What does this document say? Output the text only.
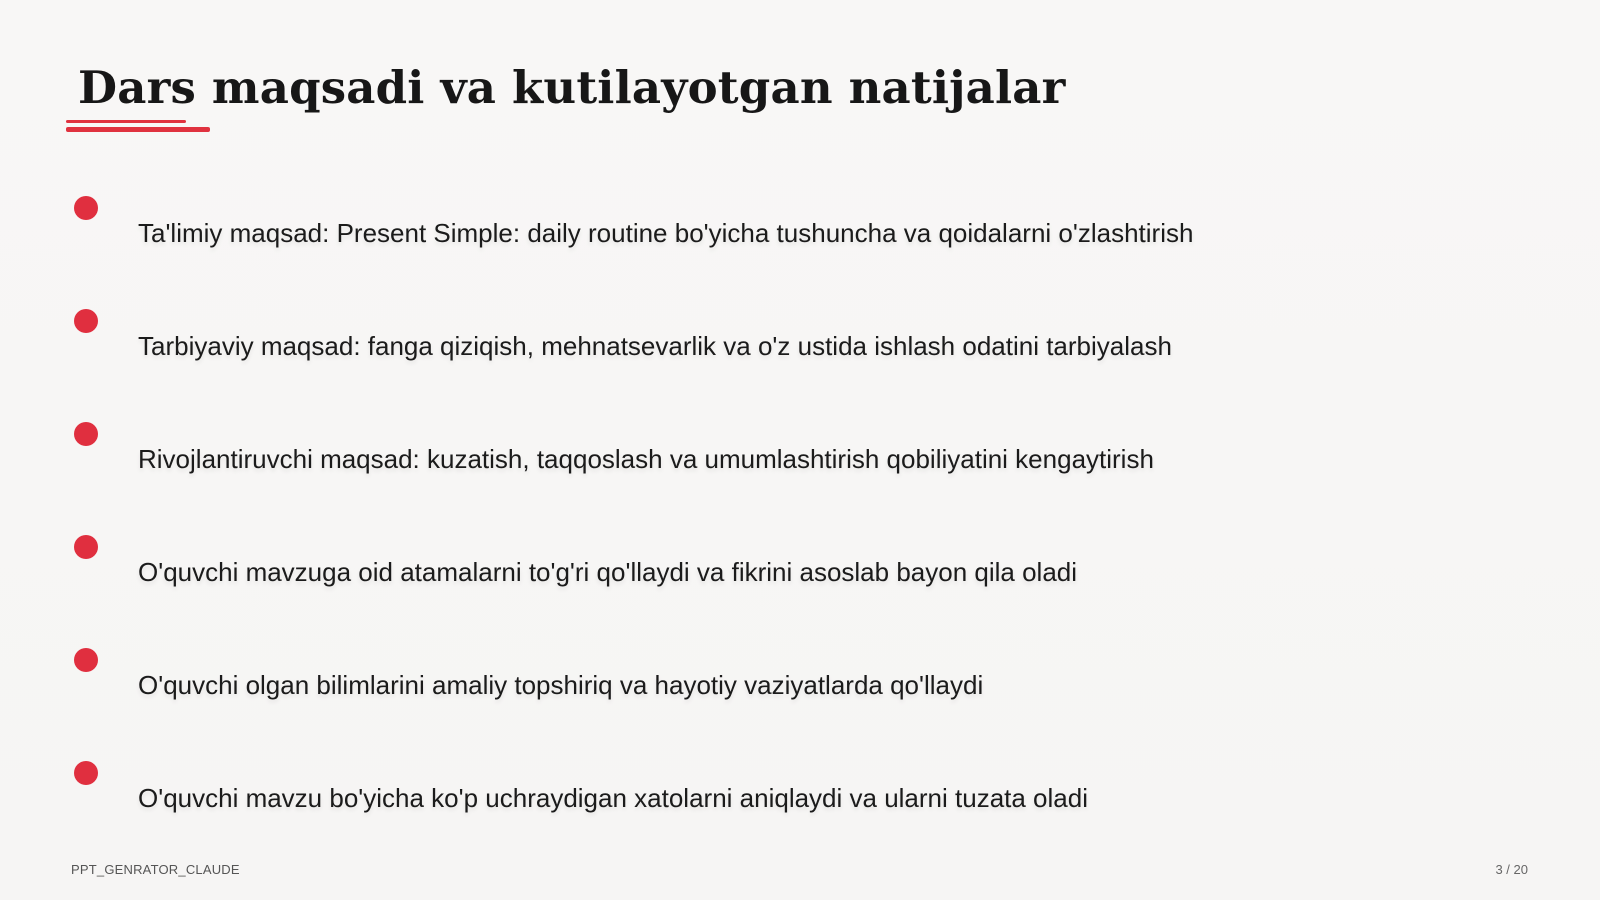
Dars maqsadi va kutilayotgan natijalar
Ta'limiy maqsad: Present Simple: daily routine bo'yicha tushuncha va qoidalarni o'zlashtirish
Tarbiyaviy maqsad: fanga qiziqish, mehnatsevarlik va o'z ustida ishlash odatini tarbiyalash
Rivojlantiruvchi maqsad: kuzatish, taqqoslash va umumlashtirish qobiliyatini kengaytirish
O'quvchi mavzuga oid atamalarni to'g'ri qo'llaydi va fikrini asoslab bayon qila oladi
O'quvchi olgan bilimlarini amaliy topshiriq va hayotiy vaziyatlarda qo'llaydi
O'quvchi mavzu bo'yicha ko'p uchraydigan xatolarni aniqlaydi va ularni tuzata oladi
PPT_GENRATOR_CLAUDE	3 / 20
